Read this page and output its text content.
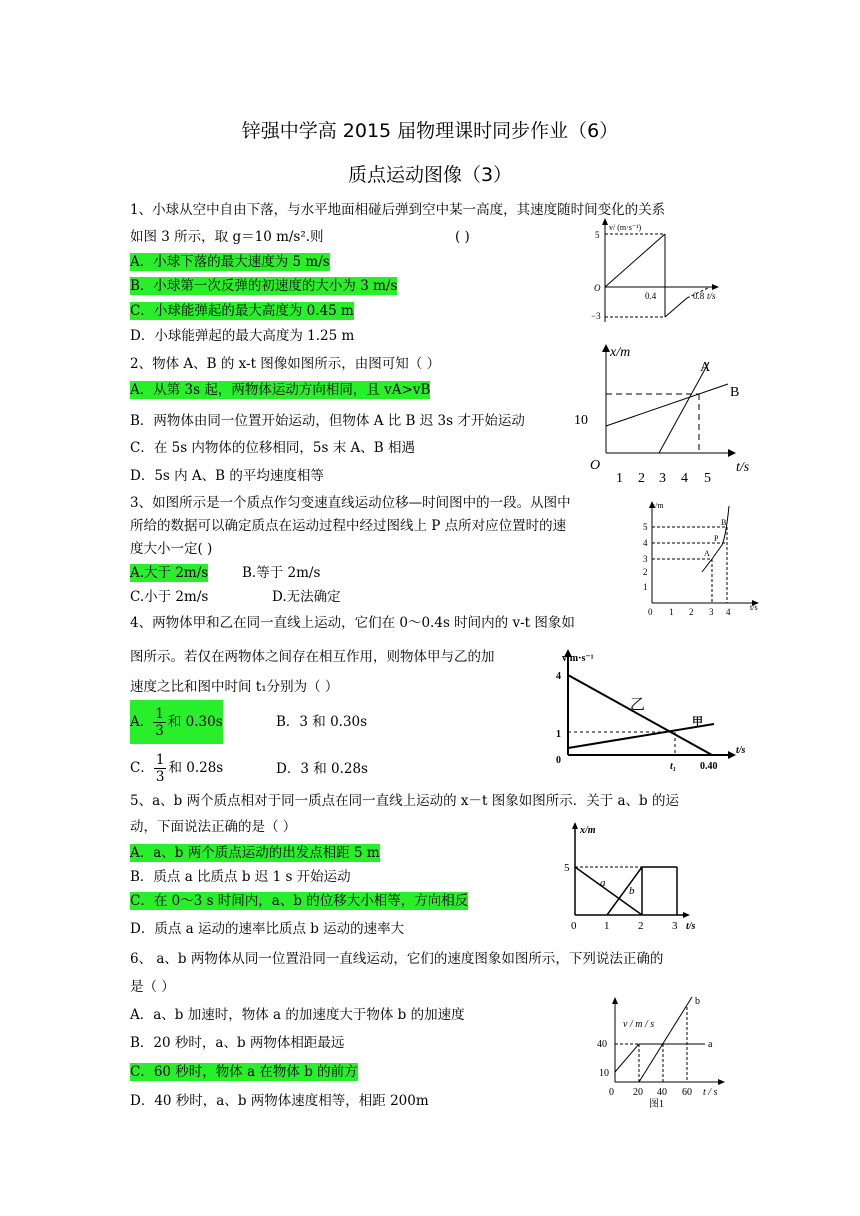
锌强中学高 2015 届物理课时同步作业（6）
质点运动图像（3）
1、小球从空中自由下落，与水平地面相碰后弹到空中某一高度，其速度随时间变化的关系
如图 3 所示，取 g＝10 m/s².则	( )
A．小球下落的最大速度为 5 m/s
B．小球第一次反弹的初速度的大小为 3 m/s
C．小球能弹起的最大高度为 0.45 m
D．小球能弹起的最大高度为 1.25 m
v/ (m·s⁻¹)
5
−3
O
0.4	0.8 t/s
2、物体 A、B 的 x-t 图像如图所示，由图可知（ ）
A．从第 3s 起，两物体运动方向相同，且 vA>vB
B．两物体由同一位置开始运动，但物体 A 比 B 迟 3s 才开始运动
C．在 5s 内物体的位移相同，5s 末 A、B 相遇
D．5s 内 A、B 的平均速度相等
x/m
A
B
10
O
1 2 3 4 5
t/s
3、如图所示是一个质点作匀变速直线运动位移—时间图中的一段。从图中
所给的数据可以确定质点在运动过程中经过图线上 P 点所对应位置时的速
度大小一定( )
A.大于 2m/s	B.等于 2m/s
C.小于 2m/s	D.无法确定
s/m
1
2
3
4
5
0 1 2 3 4 t/s
A
B
P
4、两物体甲和乙在同一直线上运动，它们在 0～0.4s 时间内的 v-t 图象如
图所示。若仅在两物体之间存在相互作用，则物体甲与乙的加
速度之比和图中时间 t₁分别为（ ）
A． $\frac{1}{3}$ 和 0.30s	B．3 和 0.30s
C． $\frac{1}{3}$ 和 0.28s	D．3 和 0.28s
v/m·s⁻¹
4
1
0
乙
甲
t₁ 0.40
t/s
5、a、b 两个质点相对于同一质点在同一直线上运动的 x－t 图象如图所示．关于 a、b 的运
动，下面说法正确的是（ ）
A．a、b 两个质点运动的出发点相距 5 m
B．质点 a 比质点 b 迟 1 s 开始运动
C．在 0～3 s 时间内，a、b 的位移大小相等，方向相反
D．质点 a 运动的速率比质点 b 运动的速率大
x/m
5
a
b
0	1	2	3 t/s
6、 a、b 两物体从同一位置沿同一直线运动，它们的速度图象如图所示，下列说法正确的
是（ ）
A．a、b 加速时，物体 a 的加速度大于物体 b 的加速度
B．20 秒时，a、b 两物体相距最远
C．60 秒时，物体 a 在物体 b 的前方
D．40 秒时，a、b 两物体速度相等，相距 200m
v / m / s
40
10
0 20 40 60 t / s
a
b
图1
